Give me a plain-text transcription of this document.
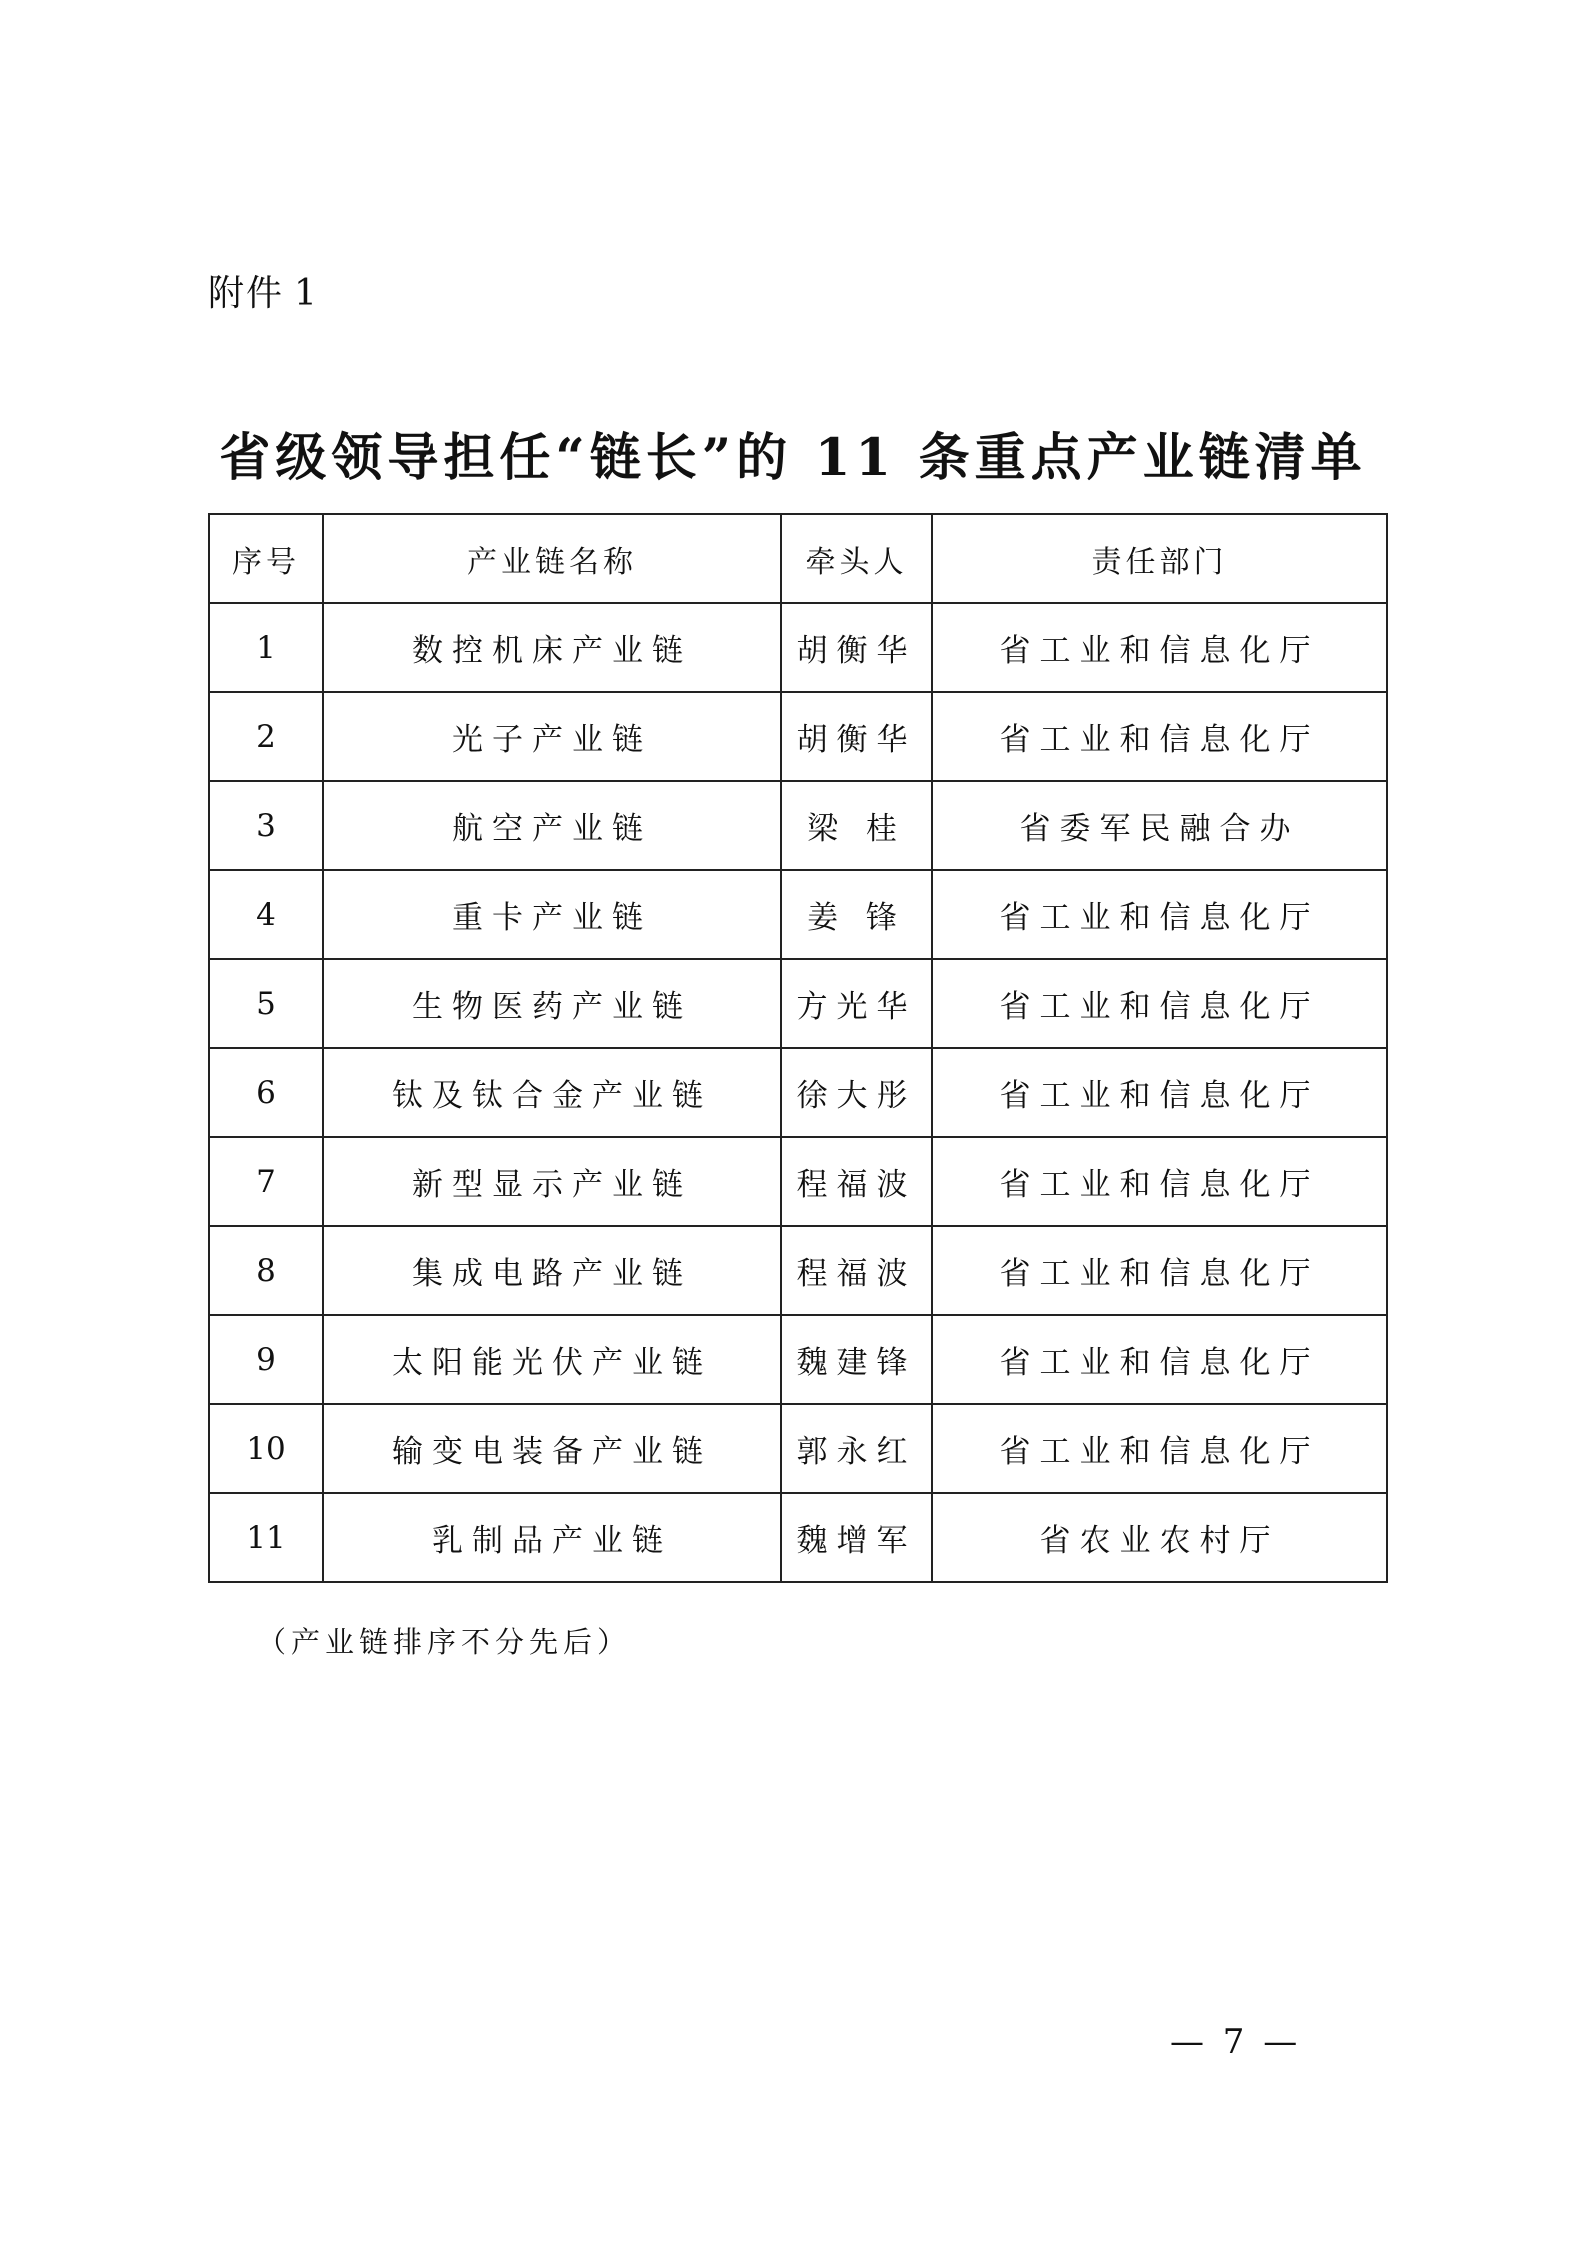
附件 1
省级领导担任“链长”的 11 条重点产业链清单
序号	产业链名称	牵头人	责任部门
1	数控机床产业链	胡衡华	省工业和信息化厅
2	光子产业链	胡衡华	省工业和信息化厅
3	航空产业链	梁 桂	省委军民融合办
4	重卡产业链	姜 锋	省工业和信息化厅
5	生物医药产业链	方光华	省工业和信息化厅
6	钛及钛合金产业链	徐大彤	省工业和信息化厅
7	新型显示产业链	程福波	省工业和信息化厅
8	集成电路产业链	程福波	省工业和信息化厅
9	太阳能光伏产业链	魏建锋	省工业和信息化厅
10	输变电装备产业链	郭永红	省工业和信息化厅
11	乳制品产业链	魏增军	省农业农村厅
（产业链排序不分先后）
— 7 —
